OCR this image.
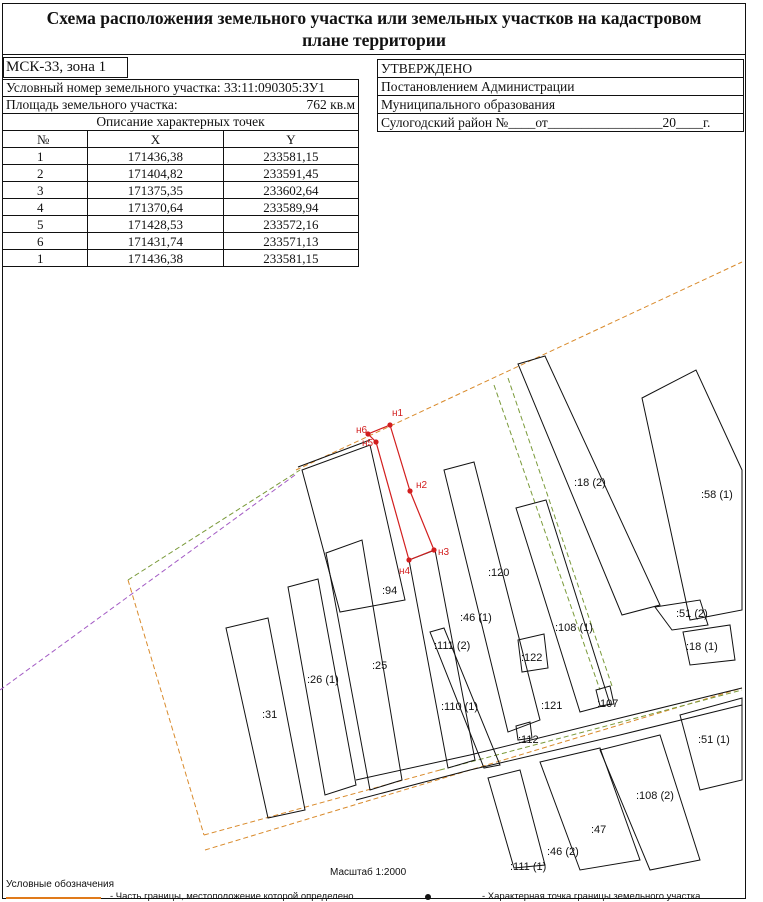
Схема расположения земельного участка или земельных участков на кадастровом
плане территории
МСК-33, зона 1	УТВЕРЖДЕНО
Постановлением Администрации
Муниципального образования
Сулогодский район №____от_________________20____г.
Условный номер земельного участка: 33:11:090305:ЗУ1
Площадь земельного участка:	762 кв.м
Описание характерных точек
№	X	Y
1	171436,38	233581,15
2	171404,82	233591,45
3	171375,35	233602,64
4	171370,64	233589,94
5	171428,53	233572,16
6	171431,74	233571,13
1	171436,38	233581,15
н1
н2
н3
н4
н5
н6
:18 (2)
:58 (1)
:120
:94
:46 (1)
:108 (1)
:51 (2)
:18 (1)
:111 (2)
:122
:25
:26 (1)
:31
:110 (1)	:121	:107
:112	:51 (1)
:108 (2)
:47
:46 (2)
:111 (1)
Масштаб 1:2000
Условные обозначения
- Часть границы, местоположение которой определено	- Характерная точка границы земельного участка
